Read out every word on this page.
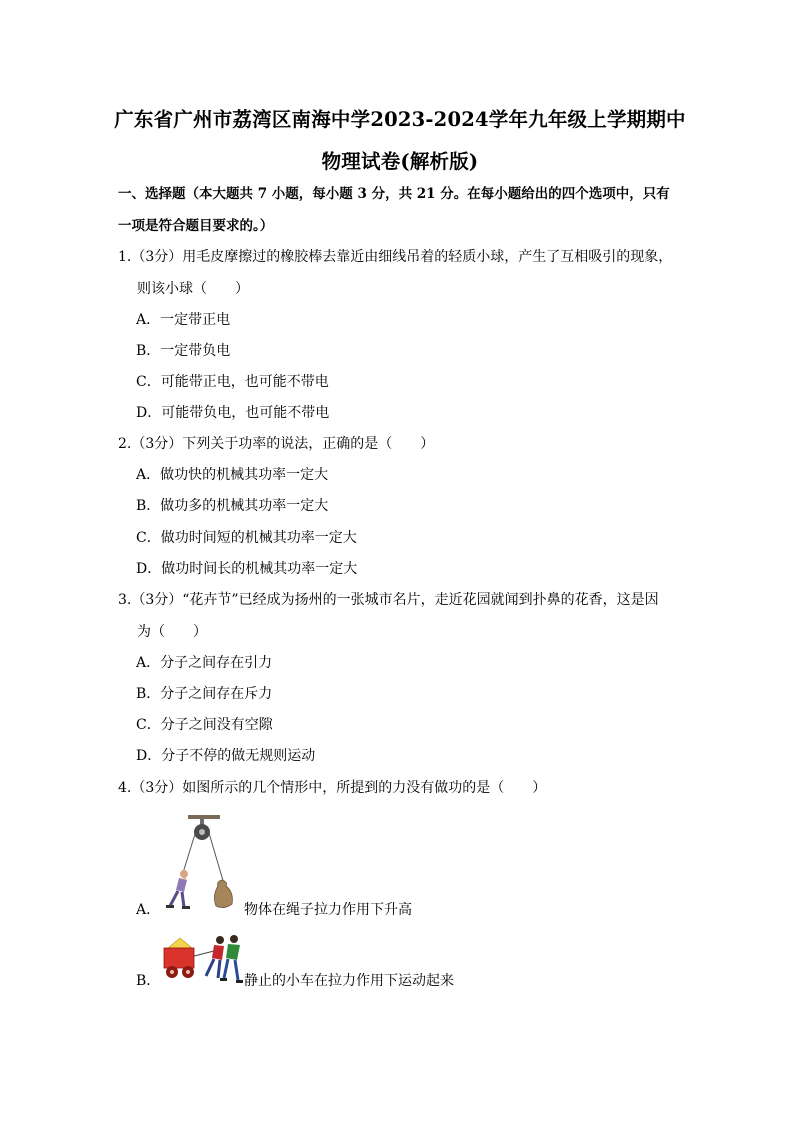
广东省广州市荔湾区南海中学2023-2024学年九年级上学期期中
物理试卷(解析版)
一、选择题（本大题共 7 小题，每小题 3 分，共 21 分。在每小题给出的四个选项中，只有
一项是符合题目要求的。）
1.（3分）用毛皮摩擦过的橡胶棒去靠近由细线吊着的轻质小球，产生了互相吸引的现象，
则该小球（　　）
A．一定带正电
B．一定带负电
C．可能带正电，也可能不带电
D．可能带负电，也可能不带电
2.（3分）下列关于功率的说法，正确的是（　　）
A．做功快的机械其功率一定大
B．做功多的机械其功率一定大
C．做功时间短的机械其功率一定大
D．做功时间长的机械其功率一定大
3.（3分）“花卉节”已经成为扬州的一张城市名片，走近花园就闻到扑鼻的花香，这是因
为（　　）
A．分子之间存在引力
B．分子之间存在斥力
C．分子之间没有空隙
D．分子不停的做无规则运动
4.（3分）如图所示的几个情形中，所提到的力没有做功的是（　　）
A．	物体在绳子拉力作用下升高
B．	静止的小车在拉力作用下运动起来
